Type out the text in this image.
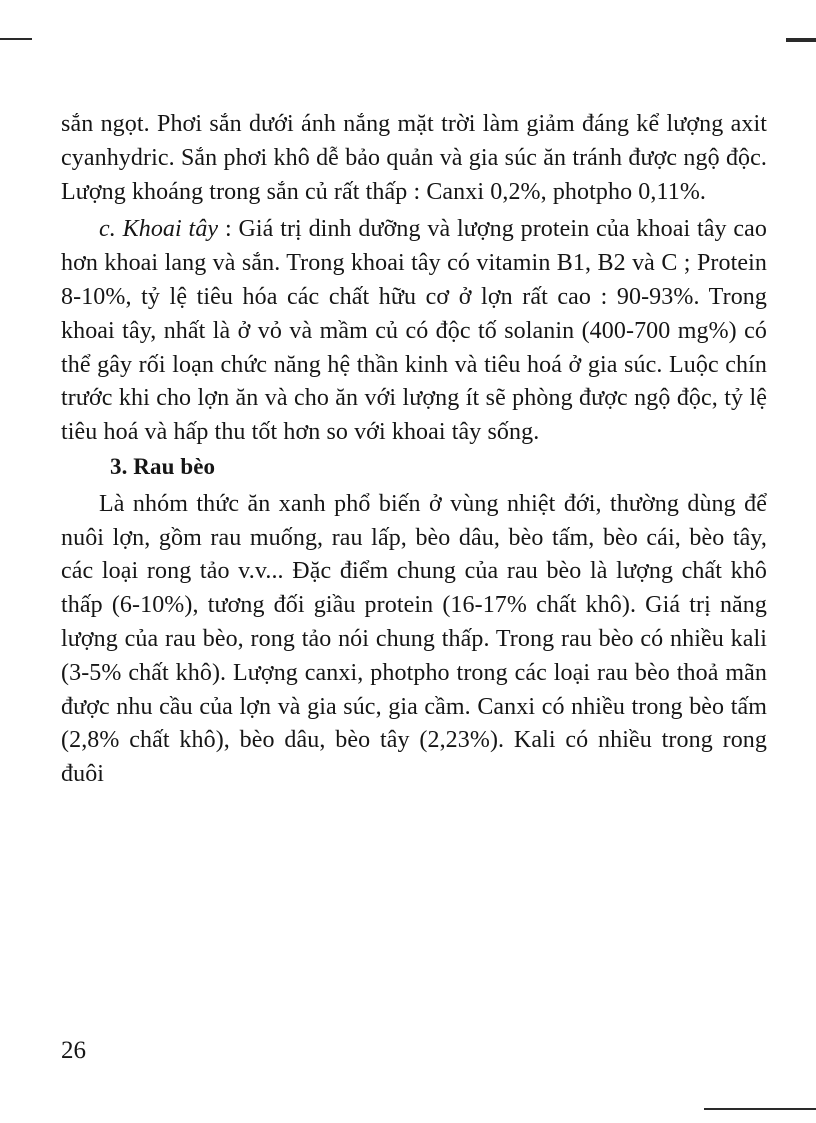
sắn ngọt. Phơi sắn dưới ánh nắng mặt trời làm giảm đáng kể lượng axit cyanhydric. Sắn phơi khô dễ bảo quản và gia súc ăn tránh được ngộ độc. Lượng khoáng trong sắn củ rất thấp : Canxi 0,2%, photpho 0,11%.

c. Khoai tây : Giá trị dinh dưỡng và lượng protein của khoai tây cao hơn khoai lang và sắn. Trong khoai tây có vitamin B1, B2 và C ; Protein 8-10%, tỷ lệ tiêu hóa các chất hữu cơ ở lợn rất cao : 90-93%. Trong khoai tây, nhất là ở vỏ và mầm củ có độc tố solanin (400-700 mg%) có thể gây rối loạn chức năng hệ thần kinh và tiêu hoá ở gia súc. Luộc chín trước khi cho lợn ăn và cho ăn với lượng ít sẽ phòng được ngộ độc, tỷ lệ tiêu hoá và hấp thu tốt hơn so với khoai tây sống.

3. Rau bèo

Là nhóm thức ăn xanh phổ biến ở vùng nhiệt đới, thường dùng để nuôi lợn, gồm rau muống, rau lấp, bèo dâu, bèo tấm, bèo cái, bèo tây, các loại rong tảo v.v... Đặc điểm chung của rau bèo là lượng chất khô thấp (6-10%), tương đối giầu protein (16-17% chất khô). Giá trị năng lượng của rau bèo, rong tảo nói chung thấp. Trong rau bèo có nhiều kali (3-5% chất khô). Lượng canxi, photpho trong các loại rau bèo thoả mãn được nhu cầu của lợn và gia súc, gia cầm. Canxi có nhiều trong bèo tấm (2,8% chất khô), bèo dâu, bèo tây (2,23%). Kali có nhiều trong rong đuôi

26
